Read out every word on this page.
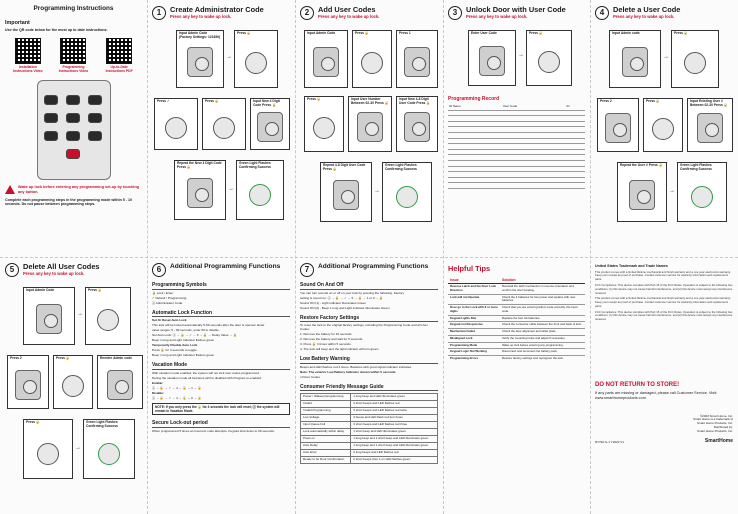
Programming Instructions
Important
Use the QR code below for the most up to date instructions:
Installation Instructions Video
Programming Instructions Video
Up-to-Date Instructions PDF
Wake up lock before entering any programming set-up by touching any button.
Complete each programming steps in the programming mode within 5 - 10 seconds. Do not pause between programming steps.
1	Create Administrator Code
Press any key to wake up lock.
Input Admin Code (Factory Settings: 123456)
→
Press 🔒
Press ✓	Press 🔒	Input New 4 Digit Code Press 🔒
Repeat the New 4 Digit Code Press 🔒
→
Green Light Flashes Confirming Success
2	Add User Codes
Press any key to wake up lock.
Input Admin Code	Press 🔒	Press 1
Press 🔒	Input User Number Between 02-30 Press 🔒
Input New 4-8 Digit User Code Press 🔒
Repeat 4-8 Digit User Code Press 🔒
→
Green Light Flashes Confirming Success
3	Unlock Door with User Code
Press any key to wake up lock.
Enter User Code
→
Press 🔒
Programming Record
ID Name	User Code	ID

4	Delete a User Code
Press any key to wake up lock.
Input Admin code
→
Press 🔒
Press 2	Press 🔒	Input Existing User # Between 02-30 Press 🔒
Repeat the User # Press 🔒
→
Green Light Flashes Confirming Success
5	Delete All User Codes
Press any key to wake up lock.
Input Admin Code
→
Press 🔒
Press 2	Press 🔒	Reenter Admin code
Press 🔒
→
Green Light Flashes Confirming Success
6	Additional Programming Functions
Programming Symbols
🔒 Lock / Enter
✓ Default / Programming
Ⓐ Administrator Code
Automatic Lock Function
Set Or Reset Auto Lock
This lock will be locked automatically 5-99 seconds after the door is opened. Enter
value ranges: 5 - 99 seconds, enter 00 to disable.
Set Auto Lock: Ⓐ → 🔒 → ✓ → 3 → 🔒 → Delay Value → 🔒
Beep 1 long and Light Indicator flashes green
Temporarily Disable Auto Lock
Press 🔒 for 3 seconds to toggle.
Beep 1 long and Light Indicator flashes green
Vacation Mode
With vacation mode enabled, the system will not lock user codes programmed.
During the vacation mode all functions will be disabled with Program re-enabled.
Enable:
Ⓐ → 🔒 → ✓ → 4 → 🔒 → 1 → 🔒
Disable:
Ⓐ → 🔒 → ✓ → 4 → 🔒 → 0 → 🔒
NOTE: If you only press the 🔒 for 4 seconds the lock will reset; Ⓐ the system will remain in Vacation Mode.
Secure Lock-out period
When programmed 5 times an incorrect code attempts. Keypad shut down to 60 seconds.
7	Additional Programming Functions
Sound On And Off
You can turn sounds on or off on your lock by entering the following. Factory
setting is sound on. Ⓐ → 🔒 → ✓ → 5 → 🔒 → 1 or 0 → 🔒
Sound ON (1) - Light indicator illuminates Green
Sound ON (0) - Beep 1 long and Light indicator illuminates Green
Restore Factory Settings
To reset the lock to the original factory settings, including the Programming Code and all User Codes:
1. Remove the battery for 10 seconds.
2. Remove the battery and wait for 5 seconds.
3. Press 🔒 3 times within 5 seconds.
4. The lock will beep and the light indicator will turn green.
Low Battery Warning
Beeps and LED flashes red 3 times. Batteries with good signal indicator indicates.
Note: The exterior Low Battery Indicator shown within 5 seconds.
of Door Codes
Consumer Friendly Message Guide
Power / Wakeup/programming	1 long beep and LED illuminates green
Invalid	3 short beeps and LED flashes red
Invalid Programming	3 short beeps and LED flashes red twice
Low Voltage	3 beeps and LED flash red four times
Input Queue Full	3 short beeps and LED flashes red three
Lock automatically within delay	1 short beep and LED illuminates green
Press on	1 long beep and 1 short beep and LED illuminates green
Auto Delay	1 long beep and 1 short beep and LED illuminates green
Auto Error	3 long beeps and LED flashes red
Ready to be Door Confirmation	2 short beeps then 1 on LED flashes green
Helpful Tips
Issue	Solution
Reverse Latch and the Door Lock Direction	Reinstall the latch mechanism in reverse orientation and confirm the door handing.
Lock will not Operate	Check the 4 batteries for low power and replace with new batteries.
Door go to the Lock with 8 or more digits	Check that you are entering Admin code correctly. Re-Input code.
Keypad Lights Dim	Replace the four AA batteries.
Keypad not Responsive	Check the connector cable between the front and back of lock.
Mechanism Failed	Check the door alignment and strike plate.
Misaligned Lock	Verify the mounting holes and adjust if necessary.
Programming Mode	Wake up lock before entering any programming.
Keypad Logic Not Working	Disconnect and reconnect the battery pack.
Programming Errors	Restore factory settings and reprogram the lock.
United States Trademark and Trade Names
This product comes with a limited lifetime mechanical and finish warranty and a one year electronics warranty. Keep your receipt as proof of purchase. Contact customer service for warranty information and replacement parts.
FCC Compliance: This device complies with Part 15 of the FCC Rules. Operation is subject to the following two conditions: (1) this device may not cause harmful interference, and (2) this device must accept any interference received.
This product comes with a limited lifetime mechanical and finish warranty and a one year electronics warranty. Keep your receipt as proof of purchase. Contact customer service for warranty information and replacement parts.
FCC Compliance: This device complies with Part 15 of the FCC Rules. Operation is subject to the following two conditions: (1) this device may not cause harmful interference, and (2) this device must accept any interference received.
DO NOT RETURN TO STORE!
If any parts are missing or damaged, please call Customer Service. Visit: www.smarthomeproducts.com
©2023 Smart Home, Inc.
Smart Home is a trademark of
Smart Home Products, Inc.
Distributed by:
Smart Home Products, Inc.
RT792-G-1 Y2023 V1	SmartHome
